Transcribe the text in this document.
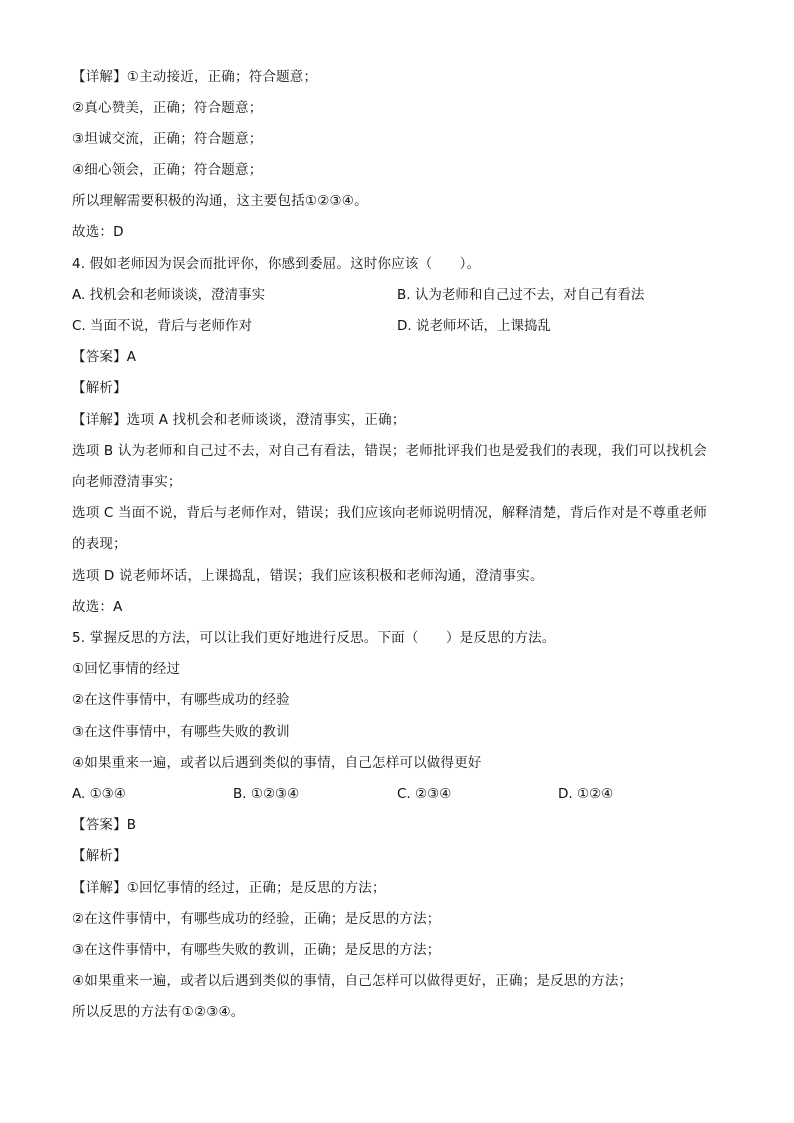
【详解】①主动接近，正确；符合题意；
②真心赞美，正确；符合题意；
③坦诚交流，正确；符合题意；
④细心领会，正确；符合题意；
所以理解需要积极的沟通，这主要包括①②③④。
故选：D
4. 假如老师因为误会而批评你，你感到委屈。这时你应该（　　）。
A. 找机会和老师谈谈，澄清事实	B. 认为老师和自己过不去，对自己有看法
C. 当面不说，背后与老师作对	D. 说老师坏话，上课捣乱
【答案】A
【解析】
【详解】选项 A 找机会和老师谈谈，澄清事实，正确；
选项 B 认为老师和自己过不去，对自己有看法，错误；老师批评我们也是爱我们的表现，我们可以找机会
向老师澄清事实；
选项 C 当面不说，背后与老师作对，错误；我们应该向老师说明情况，解释清楚，背后作对是不尊重老师
的表现；
选项 D 说老师坏话，上课捣乱，错误；我们应该积极和老师沟通，澄清事实。
故选：A
5. 掌握反思的方法，可以让我们更好地进行反思。下面（　　）是反思的方法。
①回忆事情的经过
②在这件事情中，有哪些成功的经验
③在这件事情中，有哪些失败的教训
④如果重来一遍，或者以后遇到类似的事情，自己怎样可以做得更好
A. ①③④	B. ①②③④	C. ②③④	D. ①②④
【答案】B
【解析】
【详解】①回忆事情的经过，正确；是反思的方法；
②在这件事情中，有哪些成功的经验，正确；是反思的方法；
③在这件事情中，有哪些失败的教训，正确；是反思的方法；
④如果重来一遍，或者以后遇到类似的事情，自己怎样可以做得更好，正确；是反思的方法；
所以反思的方法有①②③④。
